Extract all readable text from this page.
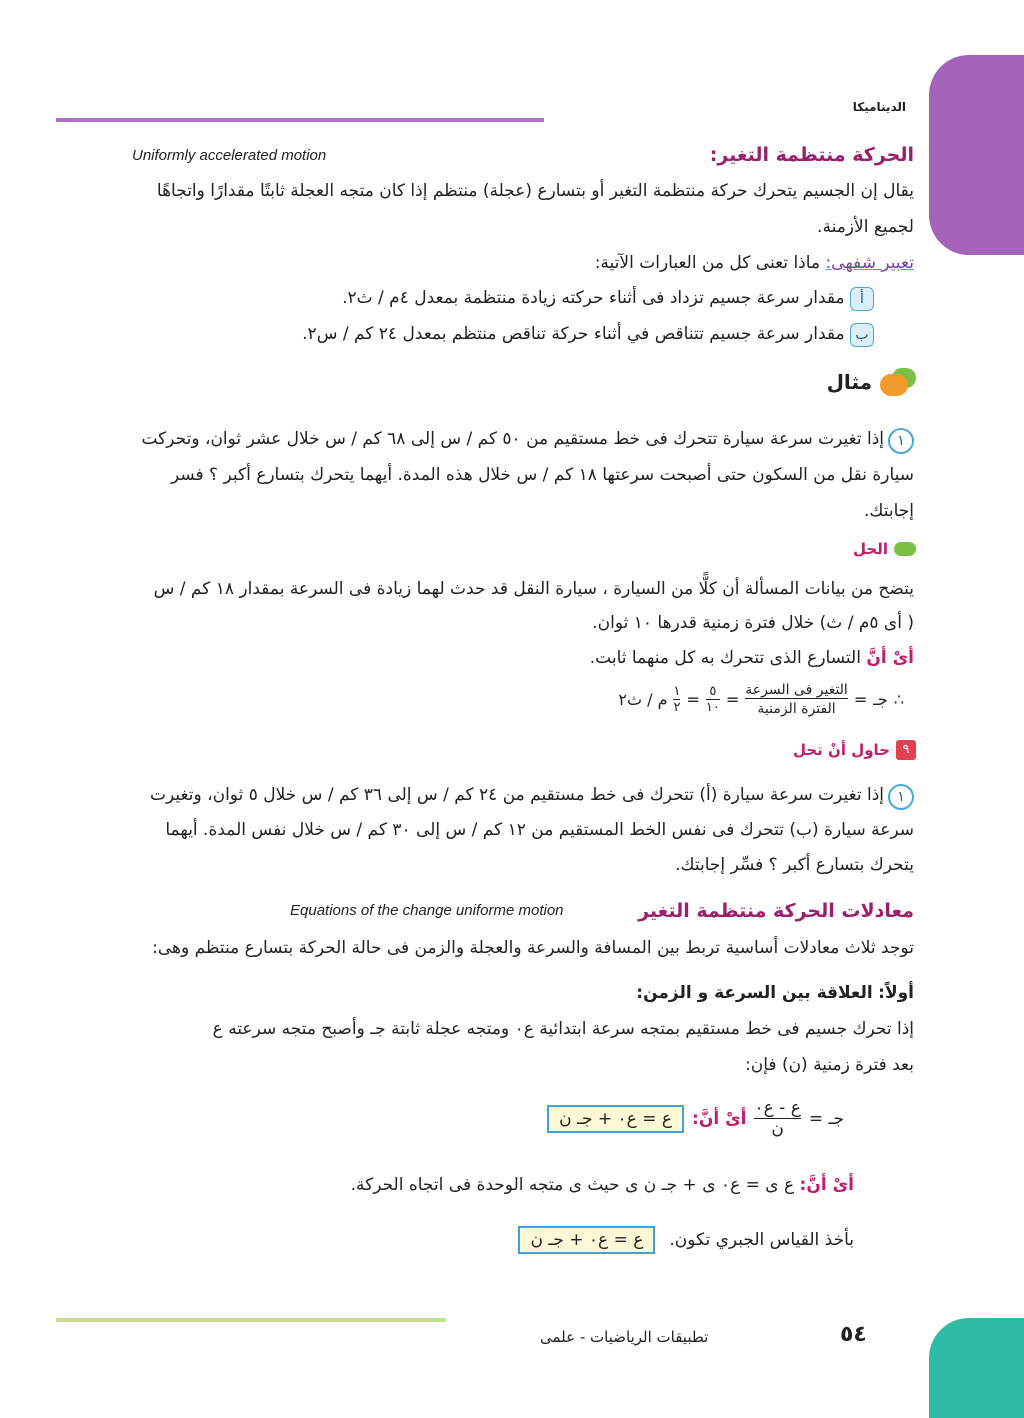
الديناميكا
الحركة منتظمة التغير:
Uniformly accelerated motion
يقال إن الجسيم يتحرك حركة منتظمة التغير أو بتسارع (عجلة) منتظم إذا كان متجه العجلة ثابتًا مقدارًا واتجاهًا
لجميع الأزمنة.
تعبير شفهى: ماذا تعنى كل من العبارات الآتية:
أ مقدار سرعة جسيم تزداد فى أثناء حركته زيادة منتظمة بمعدل ٤م / ث٢.
ب مقدار سرعة جسيم تتناقص في أثناء حركة تناقص منتظم بمعدل ٢٤ كم / س٢.
مثال
١
إذا تغيرت سرعة سيارة تتحرك فى خط مستقيم من ٥٠ كم / س إلى ٦٨ كم / س خلال عشر ثوان، وتحركت
سيارة نقل من السكون حتى أصبحت سرعتها ١٨ كم / س خلال هذه المدة. أيهما يتحرك بتسارع أكبر ؟ فسر
إجابتك.
الحل
يتضح من بيانات المسألة أن كلًّا من السيارة ، سيارة النقل قد حدث لهما زيادة فى السرعة بمقدار ١٨ كم / س
( أى ٥م / ث) خلال فترة زمنية قدرها ١٠ ثوان.
أىْ أنَّ التسارع الذى تتحرك به كل منهما ثابت.
∴
جـ
=
التغير فى السرعة
الفترة الزمنية
=
٥
١٠
=
١
٢
م / ث٢
٩
حاول أنْ تحل
١
إذا تغيرت سرعة سيارة (أ) تتحرك فى خط مستقيم من ٢٤ كم / س إلى ٣٦ كم / س خلال ٥ ثوان، وتغيرت
سرعة سيارة (ب) تتحرك فى نفس الخط المستقيم من ١٢ كم / س إلى ٣٠ كم / س خلال نفس المدة. أيهما
يتحرك بتسارع أكبر ؟ فسِّر إجابتك.
معادلات الحركة منتظمة التغير
Equations of the change uniforme motion
توجد ثلاث معادلات أساسية تربط بين المسافة والسرعة والعجلة والزمن فى حالة الحركة بتسارع منتظم وهى:
أولاً: العلاقة بين السرعة و الزمن:
إذا تحرك جسيم فى خط مستقيم بمتجه سرعة ابتدائية ع٠ ومتجه عجلة ثابتة جـ وأصبح متجه سرعته ع
بعد فترة زمنية (ن) فإن:
جـ =
ع - ع٠
ن
أىْ أنَّ:
ع = ع٠ + جـ ن
أىْ أنَّ: ع ى = ع٠ ى + جـ ن ى حيث ى متجه الوحدة فى اتجاه الحركة.
بأخذ القياس الجبري تكون.
ع = ع٠ + جـ ن
٥٤
تطبيقات الرياضيات - علمى
